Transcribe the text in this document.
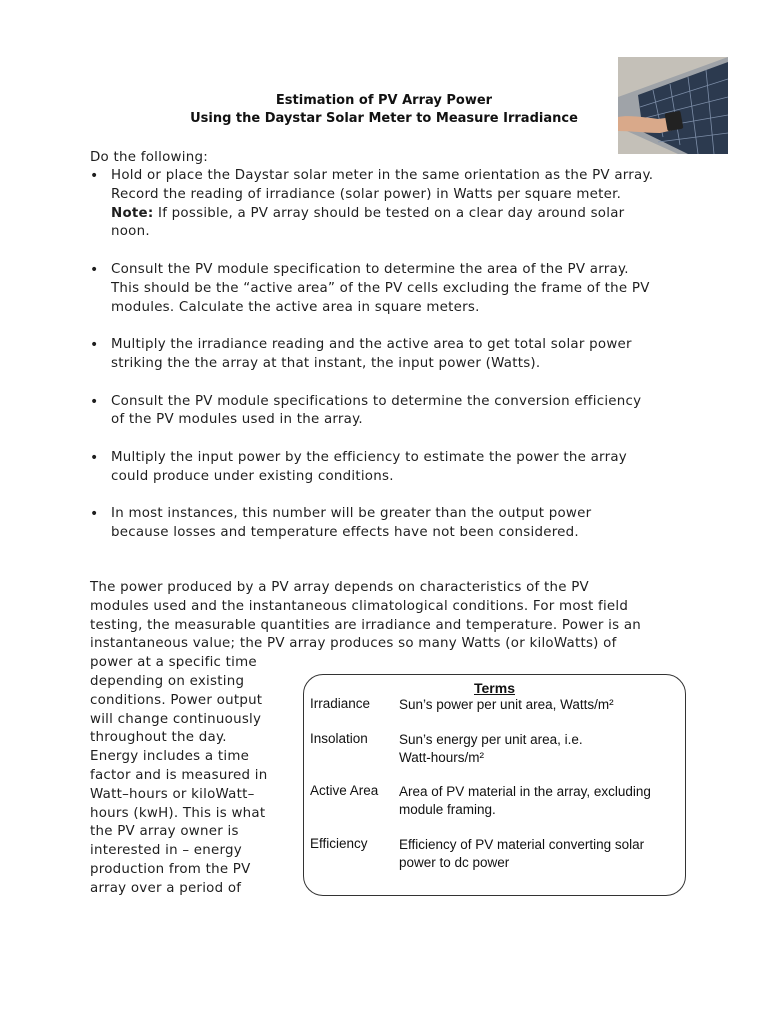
Estimation of PV Array Power
Using the Daystar Solar Meter to Measure Irradiance
Do the following:
• Hold or place the Daystar solar meter in the same orientation as the PV array.
Record the reading of irradiance (solar power) in Watts per square meter.
Note: If possible, a PV array should be tested on a clear day around solar
noon.
• Consult the PV module specification to determine the area of the PV array.
This should be the “active area” of the PV cells excluding the frame of the PV
modules. Calculate the active area in square meters.
• Multiply the irradiance reading and the active area to get total solar power
striking the the array at that instant, the input power (Watts).
• Consult the PV module specifications to determine the conversion efficiency
of the PV modules used in the array.
• Multiply the input power by the efficiency to estimate the power the array
could produce under existing conditions.
• In most instances, this number will be greater than the output power
because losses and temperature effects have not been considered.
The power produced by a PV array depends on characteristics of the PV
modules used and the instantaneous climatological conditions. For most field
testing, the measurable quantities are irradiance and temperature. Power is an
instantaneous value; the PV array produces so many Watts (or kiloWatts) of
power at a specific time
depending on existing
conditions. Power output
will change continuously
throughout the day.
Energy includes a time
factor and is measured in
Watt–hours or kiloWatt–
hours (kwH). This is what
the PV array owner is
interested in – energy
production from the PV
array over a period of
Terms
Irradiance	Sun’s power per unit area, Watts/m²
Insolation	Sun’s energy per unit area, i.e.
Watt-hours/m²
Active Area	Area of PV material in the array, excluding
module framing.
Efficiency	Efficiency of PV material converting solar
power to dc power
